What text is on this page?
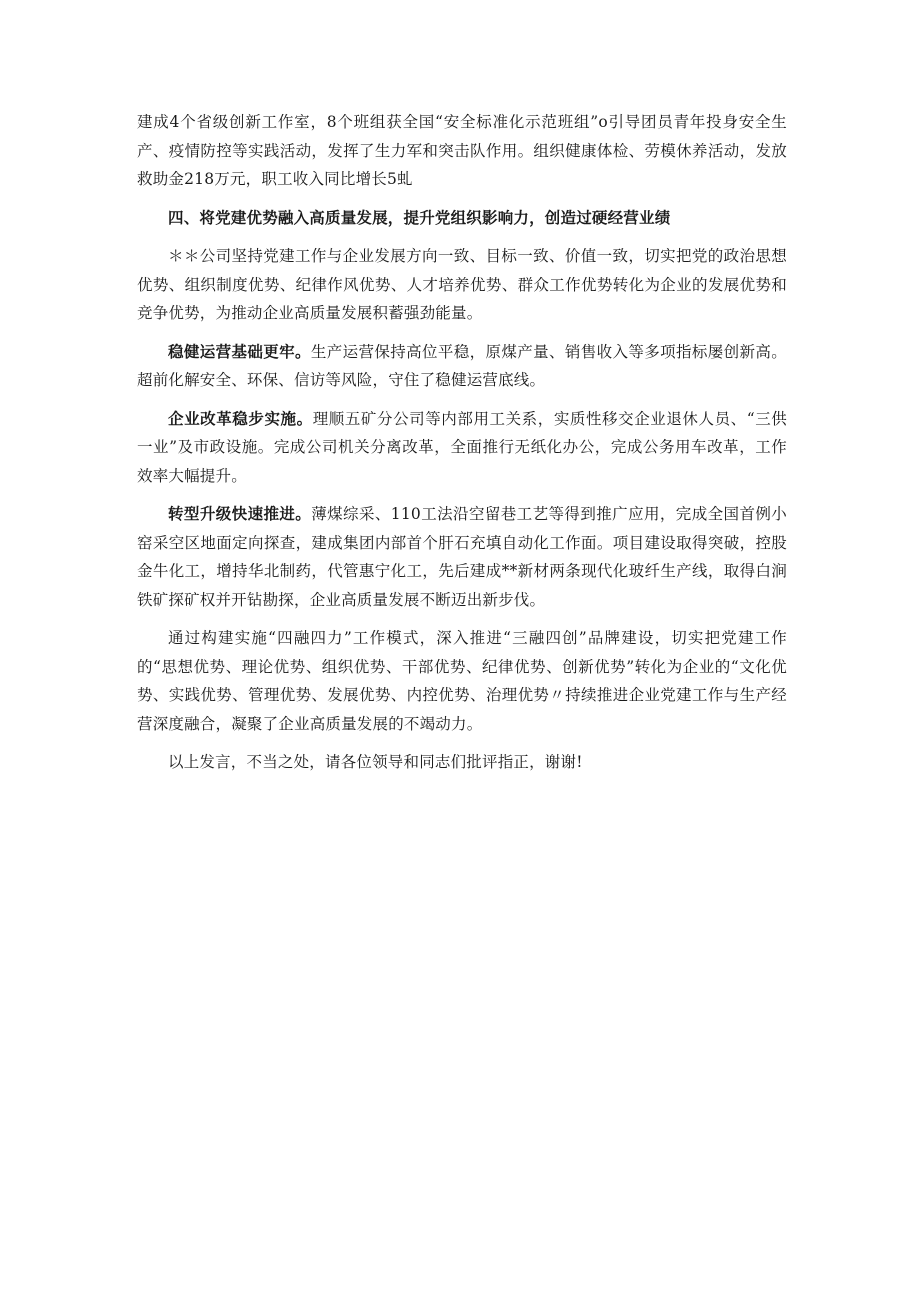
建成4个省级创新工作室，8个班组获全国“安全标准化示范班组”o引导团员青年投身安全生产、疫情防控等实践活动，发挥了生力军和突击队作用。组织健康体检、劳模休养活动，发放救助金218万元，职工收入同比增长5虬

四、将党建优势融入高质量发展，提升党组织影响力，创造过硬经营业绩

＊＊公司坚持党建工作与企业发展方向一致、目标一致、价值一致，切实把党的政治思想优势、组织制度优势、纪律作风优势、人才培养优势、群众工作优势转化为企业的发展优势和竞争优势，为推动企业高质量发展积蓄强劲能量。

稳健运营基础更牢。生产运营保持高位平稳，原煤产量、销售收入等多项指标屡创新高。超前化解安全、环保、信访等风险，守住了稳健运营底线。

企业改革稳步实施。理顺五矿分公司等内部用工关系，实质性移交企业退休人员、“三供一业”及市政设施。完成公司机关分离改革，全面推行无纸化办公，完成公务用车改革，工作效率大幅提升。

转型升级快速推进。薄煤综采、110工法沿空留巷工艺等得到推广应用，完成全国首例小窑采空区地面定向探查，建成集团内部首个肝石充填自动化工作面。项目建设取得突破，控股金牛化工，增持华北制药，代管惠宁化工，先后建成**新材两条现代化玻纤生产线，取得白涧铁矿探矿权并开钻勘探，企业高质量发展不断迈出新步伐。

通过构建实施“四融四力”工作模式，深入推进“三融四创”品牌建设，切实把党建工作的“思想优势、理论优势、组织优势、干部优势、纪律优势、创新优势”转化为企业的“文化优势、实践优势、管理优势、发展优势、内控优势、治理优势〃持续推进企业党建工作与生产经营深度融合，凝聚了企业高质量发展的不竭动力。

以上发言，不当之处，请各位领导和同志们批评指正，谢谢!
